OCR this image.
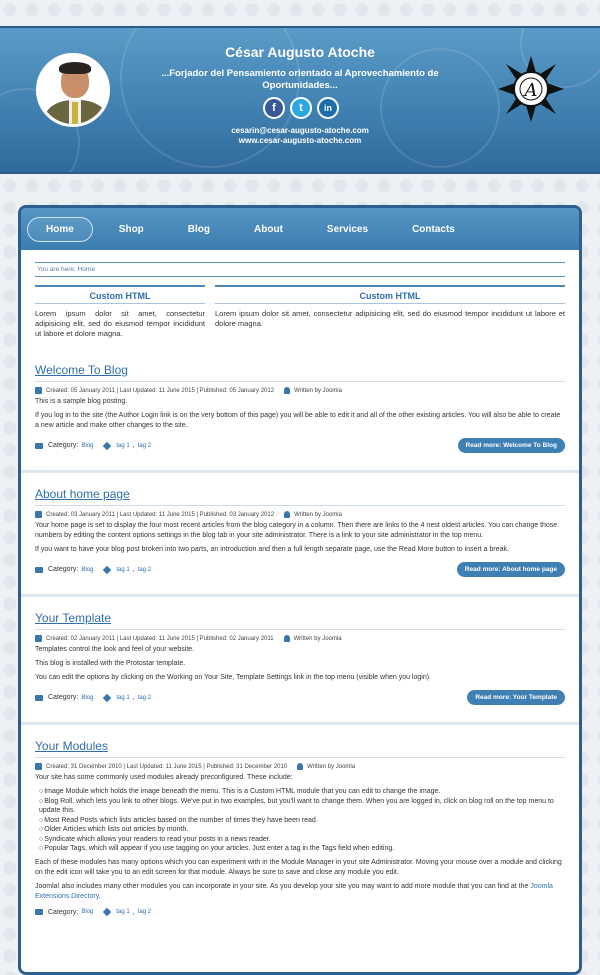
César Augusto Atoche
...Forjador del Pensamiento orientado al Aprovechamiento de Oportunidades...
f	t	in
cesarin@cesar-augusto-atoche.com
www.cesar-augusto-atoche.com
A
Home	Shop	Blog	About	Services	Contacts
You are here: Home
Custom HTML
Lorem ipsum dolor sit amet, consectetur adipisicing elit, sed do eiusmod tempor incididunt ut labore et dolore magna.
Custom HTML
Lorem ipsum dolor sit amet, consectetur adipisicing elit, sed do eiusmod tempor incididunt ut labore et dolore magna.
Welcome To Blog
Created: 05 January 2011 | Last Updated: 11 June 2015 | Published: 05 January 2012	Written by Joomla

This is a sample blog posting.

If you log in to the site (the Author Login link is on the very bottom of this page) you will be able to edit it and all of the other existing articles. You will also be able to create a new article and make other changes to the site.

Category: Blog	tag 1 , tag 2	Read more: Welcome To Blog
About home page
Created: 03 January 2011 | Last Updated: 11 June 2015 | Published: 03 January 2012	Written by Joomla

Your home page is set to display the four most recent articles from the blog category in a column. Then there are links to the 4 nest oldest articles. You can change those numbers by editing the content options settings in the blog tab in your site administrator. There is a link to your site administrator in the top menu.

If you want to have your blog post broken into two parts, an introduction and then a full length separate page, use the Read More button to insert a break.

Category: Blog	tag 1 , tag 2	Read more: About home page
Your Template
Created: 02 January 2011 | Last Updated: 11 June 2015 | Published: 02 January 2011	Written by Joomla

Templates control the look and feel of your website.

This blog is installed with the Protostar template.

You can edit the options by clicking on the Working on Your Site, Template Settings link in the top menu (visible when you login).

Category: Blog	tag 1 , tag 2	Read more: Your Template
Your Modules
Created: 31 December 2010 | Last Updated: 11 June 2015 | Published: 31 December 2010	Written by Joomla

Your site has some commonly used modules already preconfigured. These include:

○ Image Module which holds the image beneath the menu. This is a Custom HTML module that you can edit to change the image.
○ Blog Roll. which lets you link to other blogs. We've put in two examples, but you'll want to change them. When you are logged in, click on blog roll on the top menu to update this.
○ Most Read Posts which lists articles based on the number of times they have been read.
○ Older Articles which lists out articles by month.
○ Syndicate which allows your readers to read your posts in a news reader.
○ Popular Tags, which will appear if you use tagging on your articles. Just enter a tag in the Tags field when editing.

Each of these modules has many options which you can experiment with in the Module Manager in your site Administrator. Moving your mouse over a module and clicking on the edit icon will take you to an edit screen for that module. Always be sure to save and close any module you edit.

Joomla! also includes many other modules you can incorporate in your site. As you develop your site you may want to add more module that you can find at the Joomla Extensions Directory.

Category: Blog	tag 1 , tag 2
